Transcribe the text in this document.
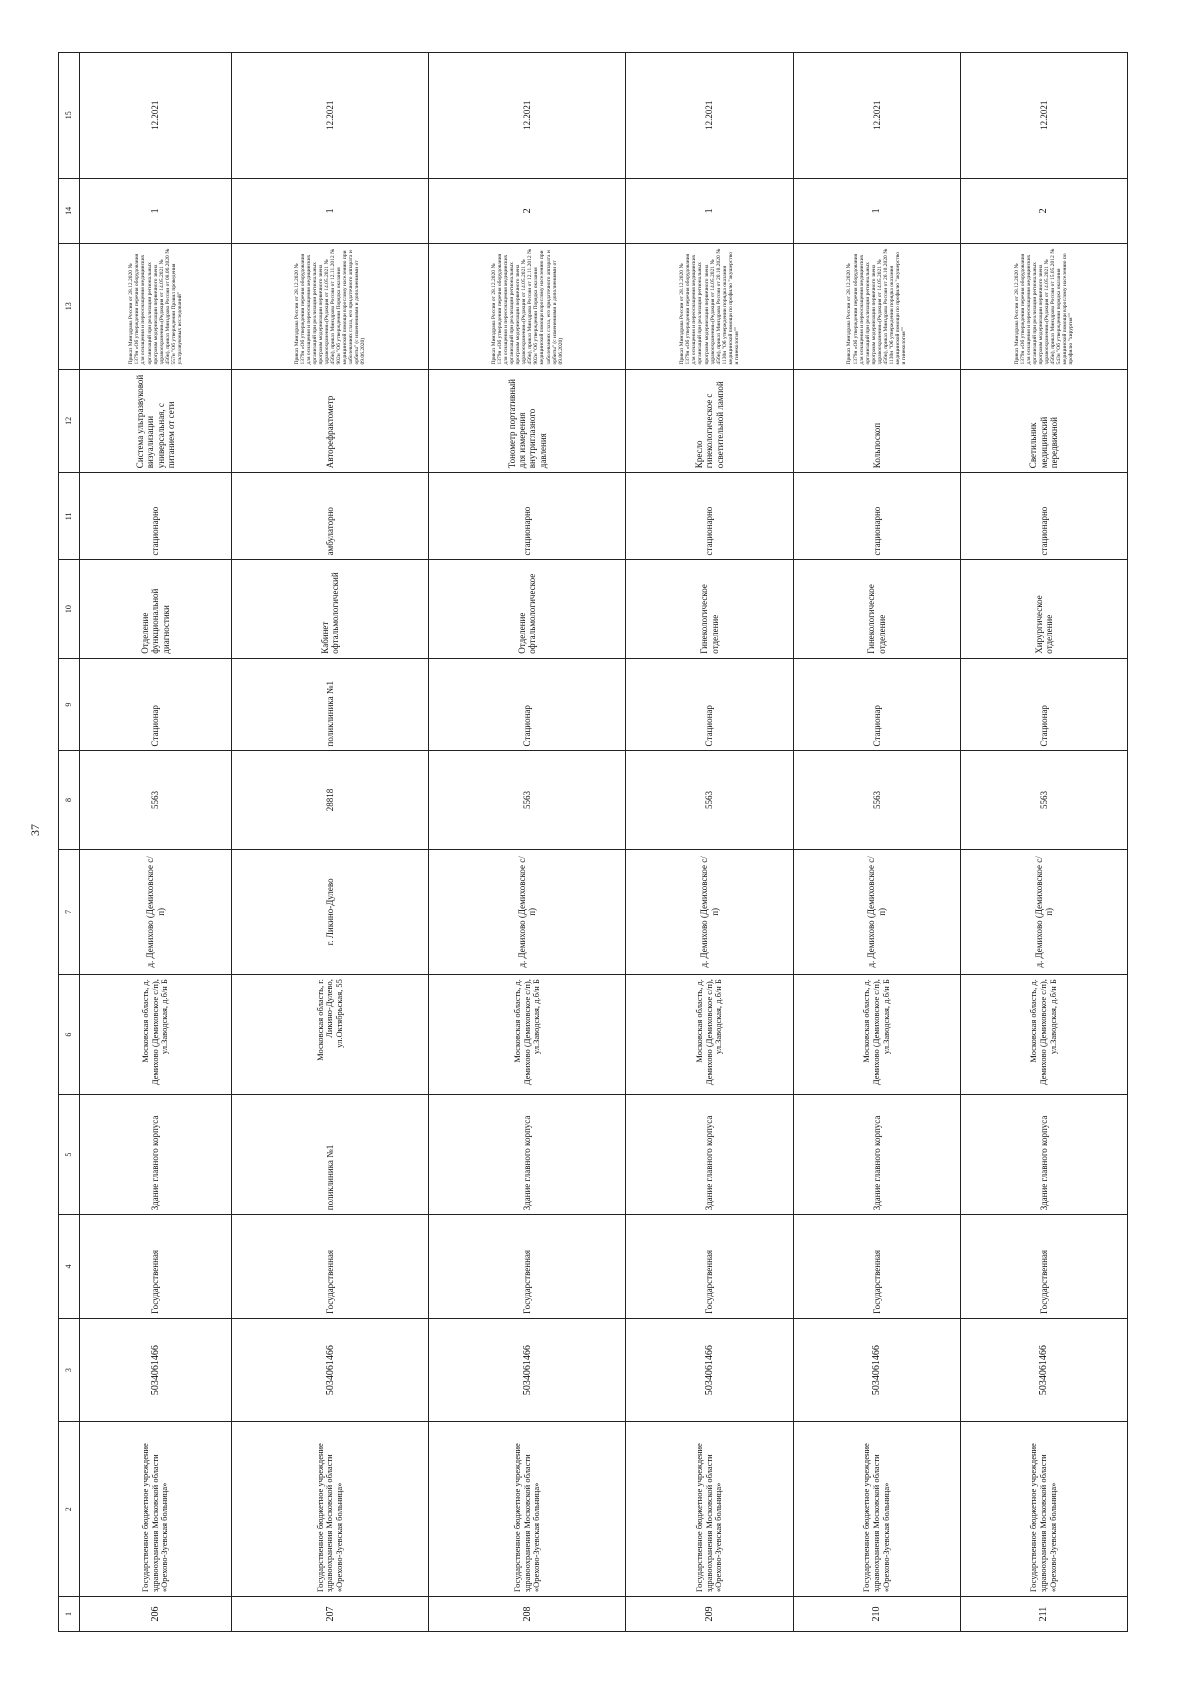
37
1	2	3	4	5	6	7	8	9	10	11	12	13	14	15
206	Государственное бюджетное учреждение здравоохранения Московской области «Орехово-Зуевская больница»	5034061466	Государственная	Здание главного корпуса	Московская область, д. Демихово (Демиховское с/п), ул.Заводская, д.б/н Б	д. Демихово (Демиховское с/п)	5563	Стационар	Отделение функциональной диагностики	стационарно	Система ультразвуковой визуализации универсальная, с питанием от сети	Приказ Минздрава России от 28.12.2020 № 1379н «Об утверждении перечня оборудования для оснащения и переоснащения медицинских организаций при реализации региональных программ модернизации первичного звена здравоохранения»(Редакция от 14.05.2021 № 456н), приказ Минздрава России от 08.06.2020 № 557н "Об утверждении Правил проведения ультразвуковых исследований"	1	12.2021
207	Государственное бюджетное учреждение здравоохранения Московской области «Орехово-Зуевская больница»	5034061466	Государственная	поликлиника №1	Московская область, г. Ликино-Дулево, ул.Октябрьская, 55	г. Ликино-Дулево	28818	поликлиника №1	Кабинет офтальмологический	амбулаторно	Авторефрактометр	Приказ Минздрава России от 28.12.2020 № 1379н «Об утверждении перечня оборудования для оснащения и переоснащения медицинских организаций при реализации региональных программ модернизации первичного звена здравоохранения»(Редакция от 14.05.2021 № 456н), приказ Минздрава России от 12.11.2012 № 902н "Об утверждении Порядка оказания медицинской помощи взрослому населению при заболеваниях глаза, его придаточного аппарата и орбиты" (с изменениями и дополнениями от 09.06.2020)	1	12.2021
208	Государственное бюджетное учреждение здравоохранения Московской области «Орехово-Зуевская больница»	5034061466	Государственная	Здание главного корпуса	Московская область, д. Демихово (Демиховское с/п), ул.Заводская, д.б/н Б	д. Демихово (Демиховское с/п)	5563	Стационар	Отделение офтальмологическое	стационарно	Тонометр портативный для измерения внутриглазного давления	Приказ Минздрава России от 28.12.2020 № 1379н «Об утверждении перечня оборудования для оснащения и переоснащения медицинских организаций при реализации региональных программ модернизации первичного звена здравоохранения»(Редакция от 14.05.2021 № 456н), приказ Минздрава России от 12.11.2012 № 902н "Об утверждении Порядка оказания медицинской помощи взрослому населению при заболеваниях глаза, его придаточного аппарата и орбиты" (с изменениями и дополнениями от 09.06.2020)	2	12.2021
209	Государственное бюджетное учреждение здравоохранения Московской области «Орехово-Зуевская больница»	5034061466	Государственная	Здание главного корпуса	Московская область, д. Демихово (Демиховское с/п), ул.Заводская, д.б/н Б	д. Демихово (Демиховское с/п)	5563	Стационар	Гинекологическое отделение	стационарно	Кресло гинекологическое с осветительной лампой	Приказ Минздрава России от 28.12.2020 № 1379н «Об утверждении перечня оборудования для оснащения и переоснащения медицинских организаций при реализации региональных программ модернизации первичного звена здравоохранения»(Редакция от 14.05.2021 № 456н), приказ Минздрава России от 20.10.2020 № 1130н "Об утверждении порядка оказания медицинской помощи по профилю "акушерство и гинекология""	1	12.2021
210	Государственное бюджетное учреждение здравоохранения Московской области «Орехово-Зуевская больница»	5034061466	Государственная	Здание главного корпуса	Московская область, д. Демихово (Демиховское с/п), ул.Заводская, д.б/н Б	д. Демихово (Демиховское с/п)	5563	Стационар	Гинекологическое отделение	стационарно	Кольпоскоп	Приказ Минздрава России от 28.12.2020 № 1379н «Об утверждении перечня оборудования для оснащения и переоснащения медицинских организаций при реализации региональных программ модернизации первичного звена здравоохранения»(Редакция от 14.05.2021 № 456н), приказ Минздрава России от 20.10.2020 № 1130н "Об утверждении порядка оказания медицинской помощи по профилю "акушерство и гинекология""	1	12.2021
211	Государственное бюджетное учреждение здравоохранения Московской области «Орехово-Зуевская больница»	5034061466	Государственная	Здание главного корпуса	Московская область, д. Демихово (Демиховское с/п), ул.Заводская, д.б/н Б	д. Демихово (Демиховское с/п)	5563	Стационар	Хирургическое отделение	стационарно	Светильник медицинский передвижной	Приказ Минздрава России от 28.12.2020 № 1379н «Об утверждении перечня оборудования для оснащения и переоснащения медицинских организаций при реализации региональных программ модернизации первичного звена здравоохранения»(Редакция от 14.05.2021 № 456н), приказ Минздрава России от 15.05.2012 № 543н "Об утверждении порядка оказания медицинской помощи взрослому населению по профилю "хирургия""	2	12.2021
